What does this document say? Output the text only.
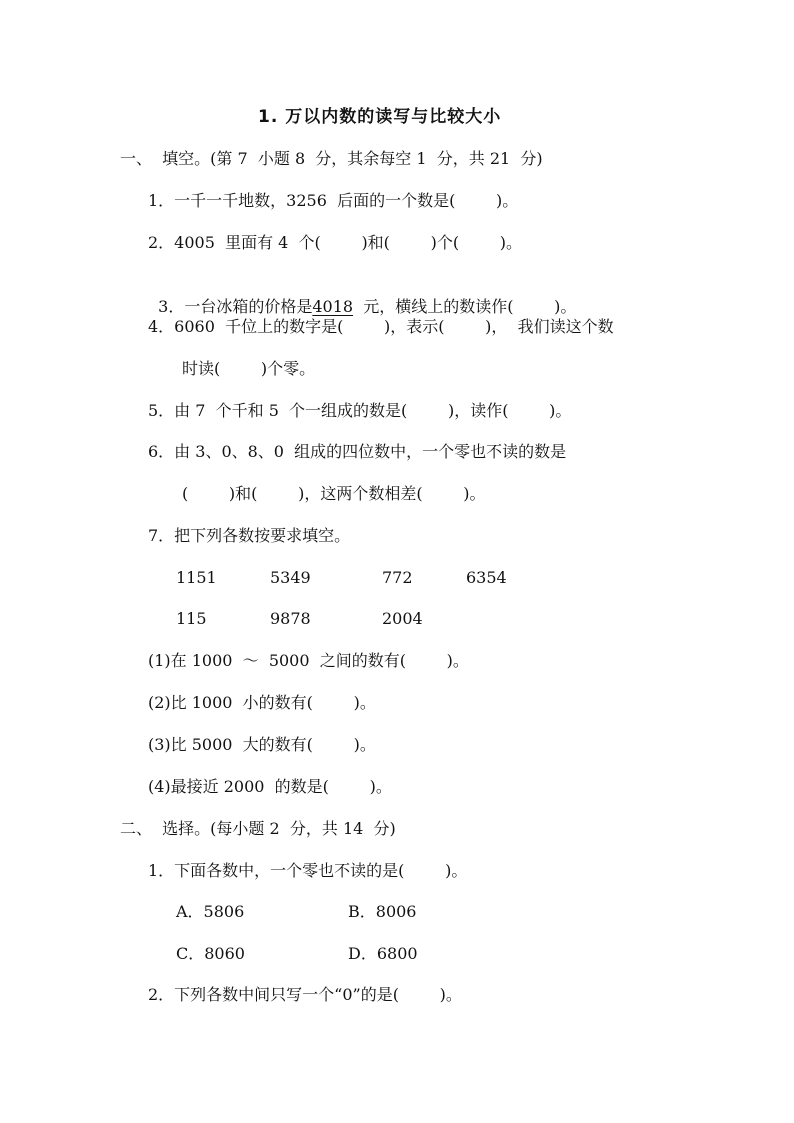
1. 万以内数的读写与比较大小
一、  填空。(第 7  小题 8  分，其余每空 1  分，共 21  分)
1．一千一千地数，3256  后面的一个数是(        )。
2．4005  里面有 4  个(        )和(        )个(        )。

3．一台冰箱的价格是4018  元，横线上的数读作(        )。

4．6060  千位上的数字是(        )，表示(        )，  我们读这个数
时读(        )个零。
5．由 7  个千和 5  个一组成的数是(        )，读作(        )。
6．由 3、0、8、0  组成的四位数中，一个零也不读的数是
(        )和(        )，这两个数相差(        )。
7．把下列各数按要求填空。
1151	5349	772	6354
115	9878	2004
(1)在 1000  ～  5000  之间的数有(        )。
(2)比 1000  小的数有(        )。
(3)比 5000  大的数有(        )。
(4)最接近 2000  的数是(        )。
二、  选择。(每小题 2  分，共 14  分)
1．下面各数中，一个零也不读的是(        )。
A．5806	B．8006
C．8060	D．6800
2．下列各数中间只写一个“0”的是(        )。
